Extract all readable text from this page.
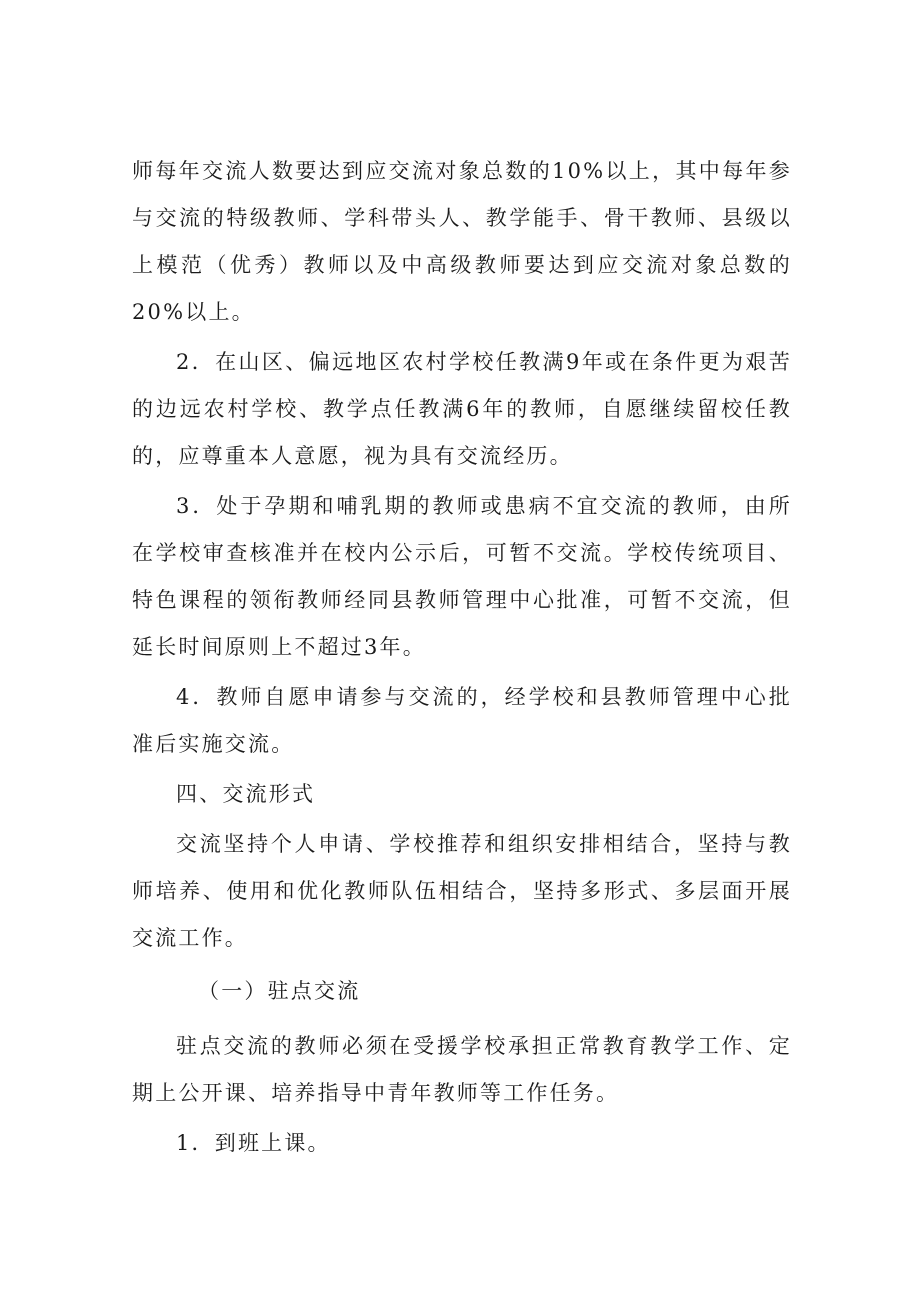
师每年交流人数要达到应交流对象总数的10%以上，其中每年参与交流的特级教师、学科带头人、教学能手、骨干教师、县级以上模范（优秀）教师以及中高级教师要达到应交流对象总数的20%以上。

2．在山区、偏远地区农村学校任教满9年或在条件更为艰苦的边远农村学校、教学点任教满6年的教师，自愿继续留校任教的，应尊重本人意愿，视为具有交流经历。

3．处于孕期和哺乳期的教师或患病不宜交流的教师，由所在学校审查核准并在校内公示后，可暂不交流。学校传统项目、特色课程的领衔教师经同县教师管理中心批准，可暂不交流，但延长时间原则上不超过3年。

4．教师自愿申请参与交流的，经学校和县教师管理中心批准后实施交流。

四、交流形式

交流坚持个人申请、学校推荐和组织安排相结合，坚持与教师培养、使用和优化教师队伍相结合，坚持多形式、多层面开展交流工作。

（一）驻点交流

驻点交流的教师必须在受援学校承担正常教育教学工作、定期上公开课、培养指导中青年教师等工作任务。

1．到班上课。
